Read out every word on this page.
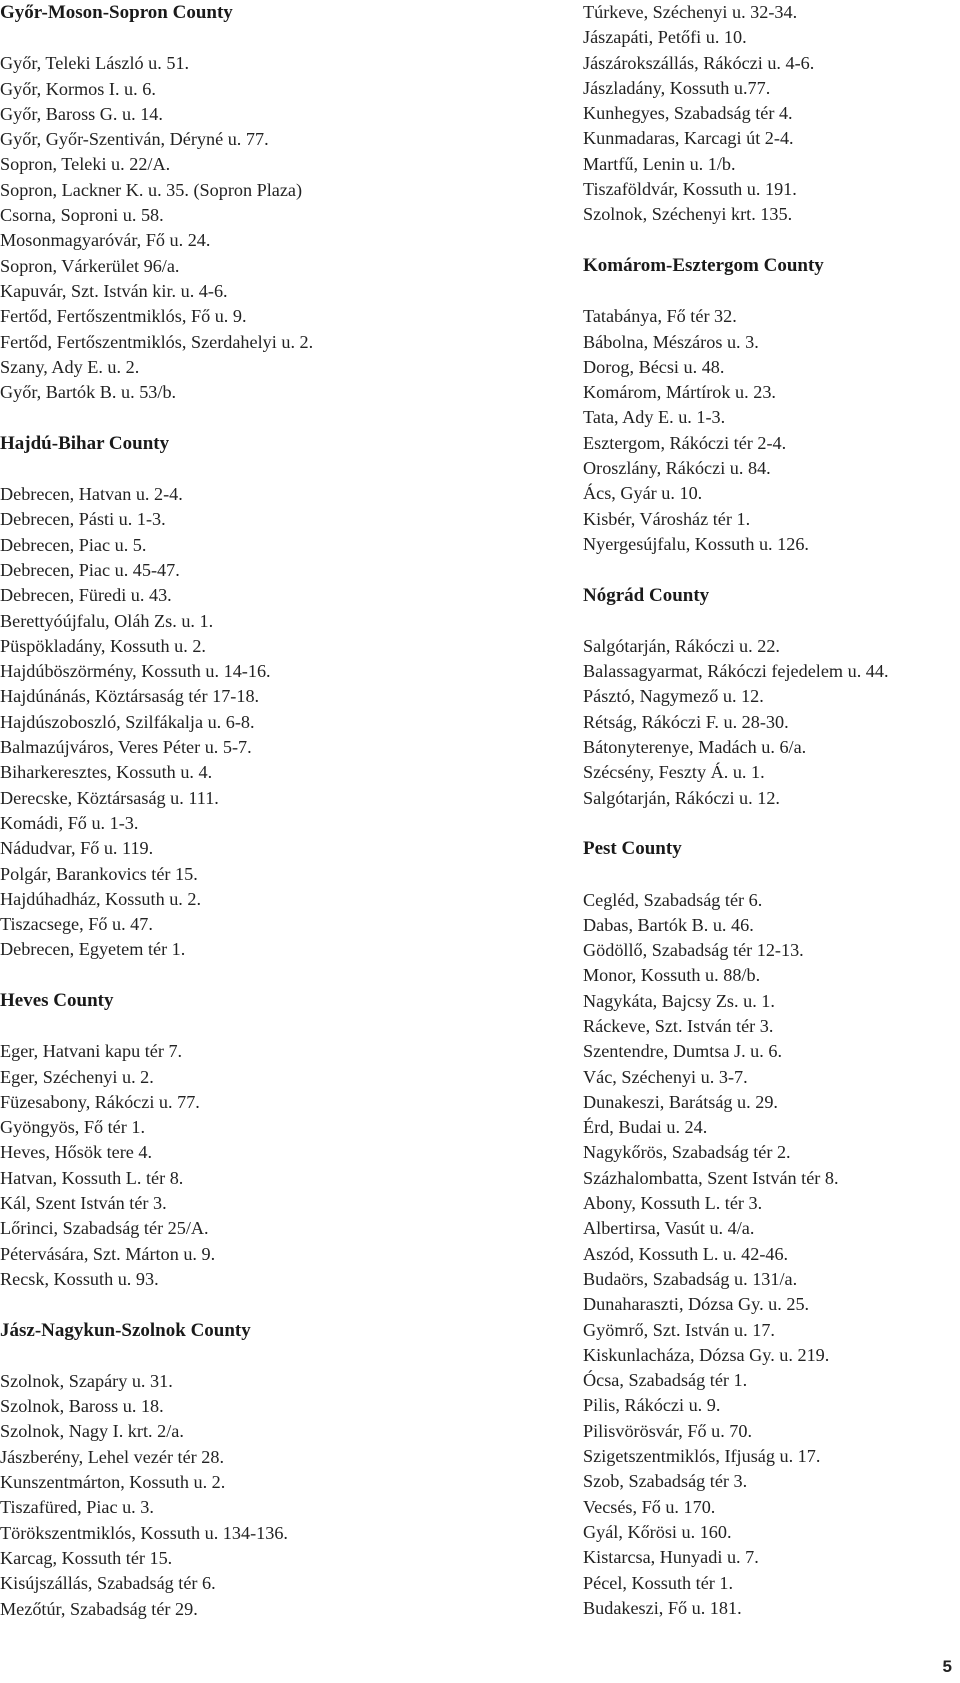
Győr-Moson-Sopron County

Győr, Teleki László u. 51.

Győr, Kormos I. u. 6.

Győr, Baross G. u. 14.

Győr, Győr-Szentiván, Déryné u. 77.

Sopron, Teleki u. 22/A.

Sopron, Lackner K. u. 35. (Sopron Plaza)

Csorna, Soproni u. 58.

Mosonmagyaróvár, Fő u. 24.

Sopron, Várkerület 96/a.

Kapuvár, Szt. István kir. u. 4-6.

Fertőd, Fertőszentmiklós, Fő u. 9.

Fertőd, Fertőszentmiklós, Szerdahelyi u. 2.

Szany, Ady E. u. 2.

Győr, Bartók B. u. 53/b.

Hajdú-Bihar County

Debrecen, Hatvan u. 2-4.

Debrecen, Pásti u. 1-3.

Debrecen, Piac u. 5.

Debrecen, Piac u. 45-47.

Debrecen, Füredi u. 43.

Berettyóújfalu, Oláh Zs. u. 1.

Püspökladány, Kossuth u. 2.

Hajdúböszörmény, Kossuth u. 14-16.

Hajdúnánás, Köztársaság tér 17-18.

Hajdúszoboszló, Szilfákalja u. 6-8.

Balmazújváros, Veres Péter u. 5-7.

Biharkeresztes, Kossuth u. 4.

Derecske, Köztársaság u. 111.

Komádi, Fő u. 1-3.

Nádudvar, Fő u. 119.

Polgár, Barankovics tér 15.

Hajdúhadház, Kossuth u. 2.

Tiszacsege, Fő u. 47.

Debrecen, Egyetem tér 1.

Heves County

Eger, Hatvani kapu tér 7.

Eger, Széchenyi u. 2.

Füzesabony, Rákóczi u. 77.

Gyöngyös, Fő tér 1.

Heves, Hősök tere 4.

Hatvan, Kossuth L. tér 8.

Kál, Szent István tér 3.

Lőrinci, Szabadság tér 25/A.

Pétervására, Szt. Márton u. 9.

Recsk, Kossuth u. 93.

Jász-Nagykun-Szolnok County

Szolnok, Szapáry u. 31.

Szolnok, Baross u. 18.

Szolnok, Nagy I. krt. 2/a.

Jászberény, Lehel vezér tér 28.

Kunszentmárton, Kossuth u. 2.

Tiszafüred, Piac u. 3.

Törökszentmiklós, Kossuth u. 134-136.

Karcag, Kossuth tér 15.

Kisújszállás, Szabadság tér 6.

Mezőtúr, Szabadság tér 29.

Túrkeve, Széchenyi u. 32-34.

Jászapáti, Petőfi u. 10.

Jászárokszállás, Rákóczi u. 4-6.

Jászladány, Kossuth u.77.

Kunhegyes, Szabadság tér 4.

Kunmadaras, Karcagi út 2-4.

Martfű, Lenin u. 1/b.

Tiszaföldvár, Kossuth u. 191.

Szolnok, Széchenyi krt. 135.

Komárom-Esztergom County

Tatabánya, Fő tér 32.

Bábolna, Mészáros u. 3.

Dorog, Bécsi u. 48.

Komárom, Mártírok u. 23.

Tata, Ady E. u. 1-3.

Esztergom, Rákóczi tér 2-4.

Oroszlány, Rákóczi u. 84.

Ács, Gyár u. 10.

Kisbér, Városház tér 1.

Nyergesújfalu, Kossuth u. 126.

Nógrád County

Salgótarján, Rákóczi u. 22.

Balassagyarmat, Rákóczi fejedelem u. 44.

Pásztó, Nagymező u. 12.

Rétság, Rákóczi F. u. 28-30.

Bátonyterenye, Madách u. 6/a.

Szécsény, Feszty Á. u. 1.

Salgótarján, Rákóczi u. 12.

Pest County

Cegléd, Szabadság tér 6.

Dabas, Bartók B. u. 46.

Gödöllő, Szabadság tér 12-13.

Monor, Kossuth u. 88/b.

Nagykáta, Bajcsy Zs. u. 1.

Ráckeve, Szt. István tér 3.

Szentendre, Dumtsa J. u. 6.

Vác, Széchenyi u. 3-7.

Dunakeszi, Barátság u. 29.

Érd, Budai u. 24.

Nagykőrös, Szabadság tér 2.

Százhalombatta, Szent István tér 8.

Abony, Kossuth L. tér 3.

Albertirsa, Vasút u. 4/a.

Aszód, Kossuth L. u. 42-46.

Budaörs, Szabadság u. 131/a.

Dunaharaszti, Dózsa Gy. u. 25.

Gyömrő, Szt. István u. 17.

Kiskunlacháza, Dózsa Gy. u. 219.

Ócsa, Szabadság tér 1.

Pilis, Rákóczi u. 9.

Pilisvörösvár, Fő u. 70.

Szigetszentmiklós, Ifjuság u. 17.

Szob, Szabadság tér 3.

Vecsés, Fő u. 170.

Gyál, Kőrösi u. 160.

Kistarcsa, Hunyadi u. 7.

Pécel, Kossuth tér 1.

Budakeszi, Fő u. 181.

5
